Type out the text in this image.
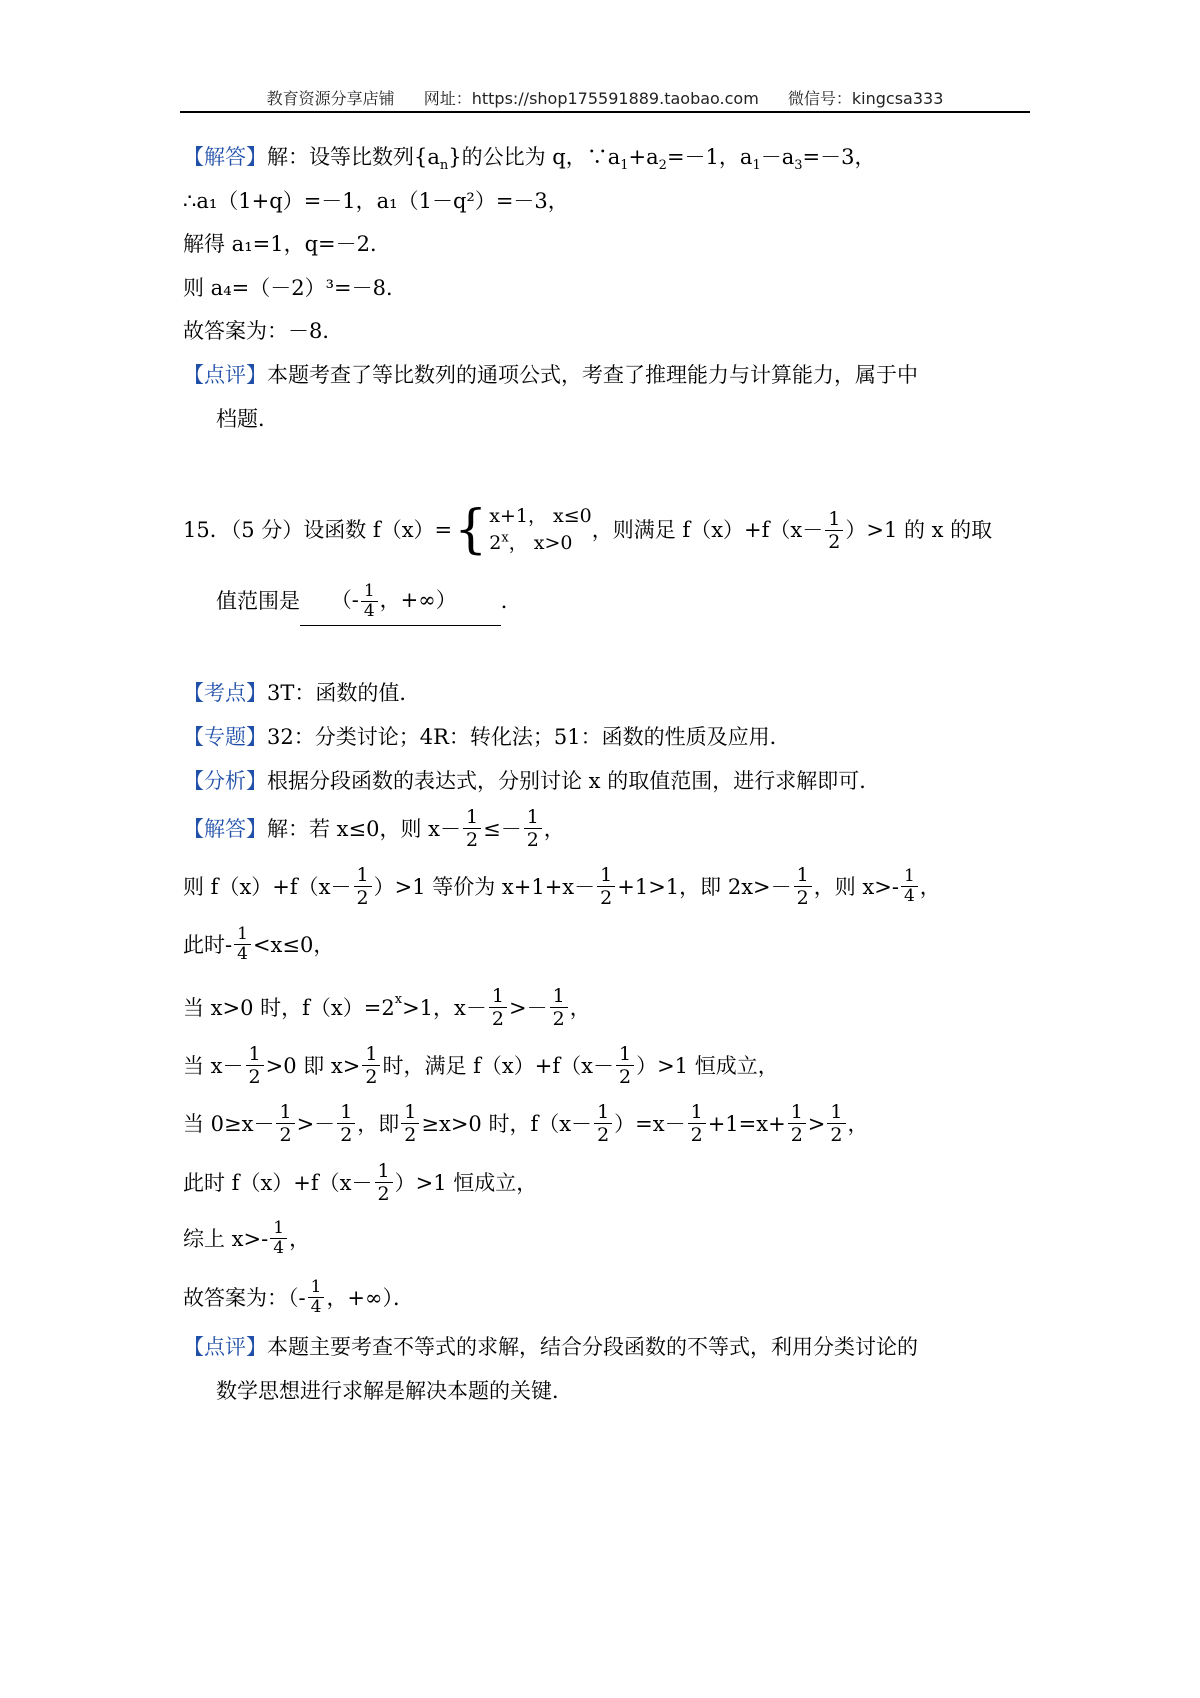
教育资源分享店铺 网址：https://shop175591889.taobao.com 微信号：kingcsa333
【解答】解：设等比数列$\{a_n\}$的公比为 q，$\because a_1+a_2=-1$，$a_1-a_3=-3$，
∴a₁（1+q）=－1，a₁（1－q²）=－3，
解得 a₁=1，q=－2．
则 a₄=（－2）³=－8．
故答案为：－8．
【点评】本题考查了等比数列的通项公式，考查了推理能力与计算能力，属于中
档题．
15．（5 分）设函数 f（x）= { x+1， x≤0
2$^x$， x>0
，则满足 $f(x)+f(x- \frac{1}{2} )>1$ 的 x 的取
值范围是	（- $\frac{1}{4}$ ，+∞）	．
【考点】3T：函数的值．
【专题】32：分类讨论；4R：转化法；51：函数的性质及应用．
【分析】根据分段函数的表达式，分别讨论 x 的取值范围，进行求解即可．
【解答】 解：若 x≤0，则 $x- \frac{1}{2} \le- \frac{1}{2}$ ，
则 $f(x)+f(x- \frac{1}{2} )>1$ 等价为 $x+1+x- \frac{1}{2} +1>1$，即 $2x>- \frac{1}{2}$ ，则 $x> - \frac{1}{4}$ ，
此时 - $\frac{1}{4} <x\le 0$，
当 x>0 时，$f(x)=2^x >1$，$x- \frac{1}{2} >- \frac{1}{2}$ ，
当 $x- \frac{1}{2} >0$ 即 $x> \frac{1}{2}$ 时，满足 $f(x)+f(x- \frac{1}{2} )>1$ 恒成立，
当 $0\ge x- \frac{1}{2} >- \frac{1}{2}$ ，即 $\frac{1}{2} \ge x>0$ 时，$f(x- \frac{1}{2} )=x- \frac{1}{2} +1=x+ \frac{1}{2} > \frac{1}{2}$ ，
此时 $f(x)+f(x- \frac{1}{2} )>1$ 恒成立，
综上 $x> - \frac{1}{4}$ ，
故答案为：（ - $\frac{1}{4}$ ，+∞）．
【点评】本题主要考查不等式的求解，结合分段函数的不等式，利用分类讨论的
数学思想进行求解是解决本题的关键．
